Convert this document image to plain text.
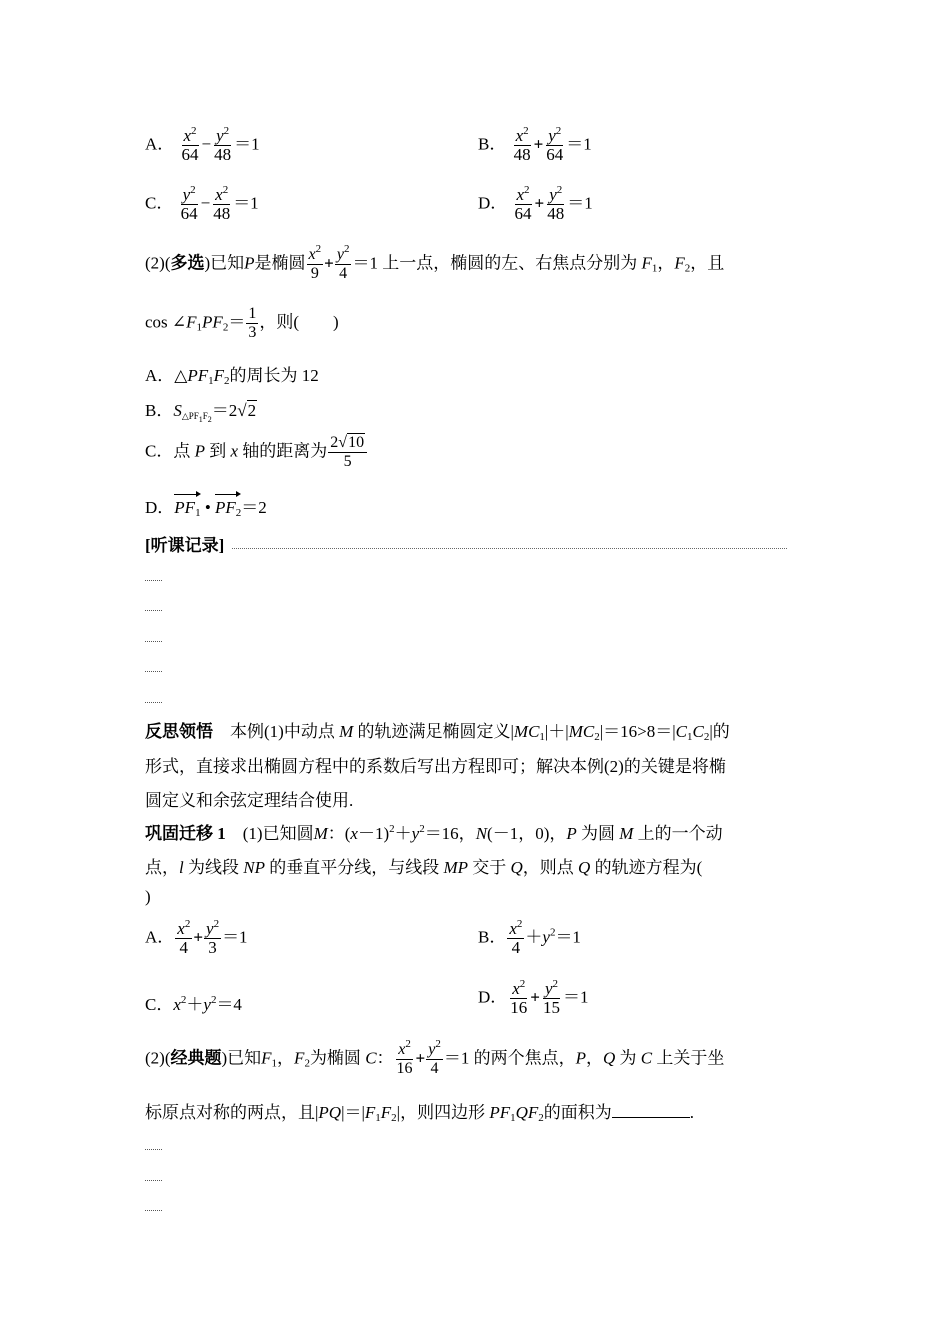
A． $\frac{x^2}{64} - \frac{y^2}{48} =1$	B． $\frac{x^2}{48} + \frac{y^2}{64} =1$
C． $\frac{y^2}{64} - \frac{x^2}{48} =1$	D． $\frac{x^2}{64} + \frac{y^2}{48} =1$
(2)(多选)已知P是椭圆 $\frac{x^2}{9} + \frac{y^2}{4} =1$ 上一点，椭圆的左、右焦点分别为 $F_1$，$F_2$，且
$\cos \angle F_1PF_2= \frac{1}{3}$ ，则(　　)
A．$\triangle PF_1F_2$的周长为 12
B．$S_{\triangle PF_1F_2}=2√2$
C．点 P 到 x 轴的距离为 $\frac{2√10}{5}$
D．$PF_1$ • $PF_2=2$
[听课记录]
反思领悟　本例(1)中动点 M 的轨迹满足椭圆定义$|MC_1|+|MC_2|=16>8=|C_1C_2|$的
形式，直接求出椭圆方程中的系数后写出方程即可；解决本例(2)的关键是将椭
圆定义和余弦定理结合使用.
巩固迁移 1　(1)已知圆M：$(x-1)^2+y^2=16$，N(－1，0)，P 为圆 M 上的一个动
点，l 为线段 NP 的垂直平分线，与线段 MP 交于 Q，则点 Q 的轨迹方程为(
)
A． $\frac{x^2}{4} + \frac{y^2}{3} =1$	B． $\frac{x^2}{4} +y^2=1$
C．$x^2+y^2=4$	D． $\frac{x^2}{16} + \frac{y^2}{15} =1$
(2)(经典题)已知$F_1$，$F_2$为椭圆 C： $\frac{x^2}{16} + \frac{y^2}{4} =1$ 的两个焦点，P，Q 为 C 上关于坐
标原点对称的两点，且$|PQ|=|F_1F_2|$，则四边形 $PF_1QF_2$的面积为	.
